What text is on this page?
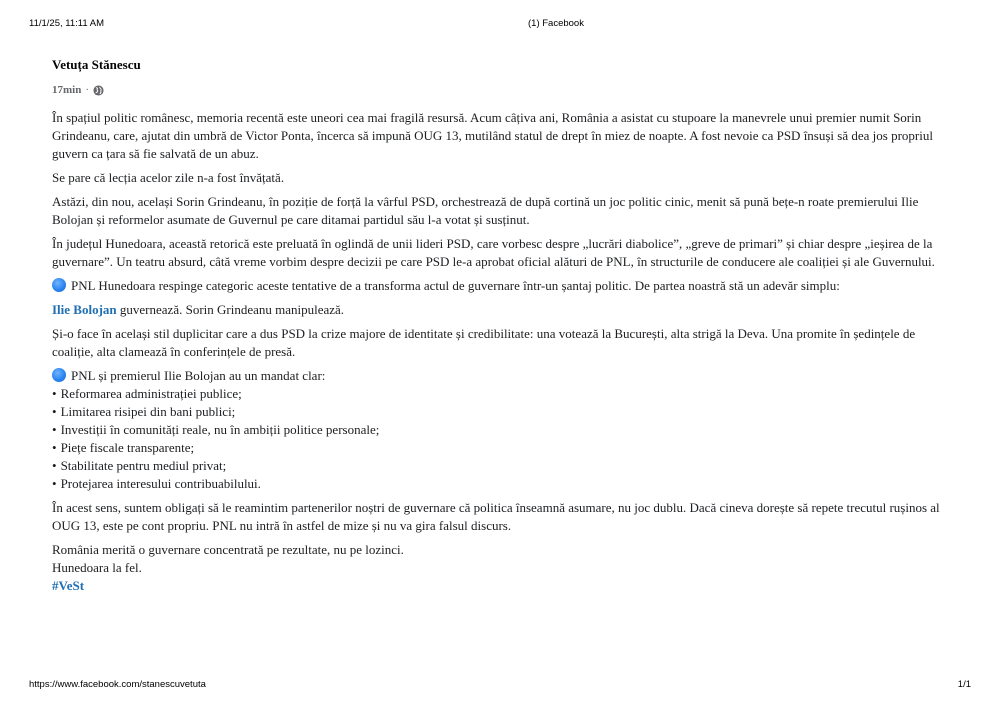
11/1/25, 11:11 AM	(1) Facebook
Vetuța Stănescu
17min ·

În spațiul politic românesc, memoria recentă este uneori cea mai fragilă resursă. Acum câțiva ani, România a asistat cu stupoare la manevrele unui premier numit Sorin Grindeanu, care, ajutat din umbră de Victor Ponta, încerca să impună OUG 13, mutilând statul de drept în miez de noapte. A fost nevoie ca PSD însuși să dea jos propriul guvern ca țara să fie salvată de un abuz.

Se pare că lecția acelor zile n-a fost învățată.

Astăzi, din nou, același Sorin Grindeanu, în poziție de forță la vârful PSD, orchestrează de după cortină un joc politic cinic, menit să pună bețe-n roate premierului Ilie Bolojan și reformelor asumate de Guvernul pe care ditamai partidul său l-a votat și susținut.

În județul Hunedoara, această retorică este preluată în oglindă de unii lideri PSD, care vorbesc despre „lucrări diabolice”, „greve de primari” și chiar despre „ieșirea de la guvernare”. Un teatru absurd, câtă vreme vorbim despre decizii pe care PSD le-a aprobat oficial alături de PNL, în structurile de conducere ale coaliției și ale Guvernului.

PNL Hunedoara respinge categoric aceste tentative de a transforma actul de guvernare într-un șantaj politic. De partea noastră stă un adevăr simplu:

Ilie Bolojan guvernează. Sorin Grindeanu manipulează.

Și-o face în același stil duplicitar care a dus PSD la crize majore de identitate și credibilitate: una votează la București, alta strigă la Deva. Una promite în ședințele de coaliție, alta clamează în conferințele de presă.

PNL și premierul Ilie Bolojan au un mandat clar:

• Reformarea administrației publice;
• Limitarea risipei din bani publici;
• Investiții în comunități reale, nu în ambiții politice personale;
• Piețe fiscale transparente;
• Stabilitate pentru mediul privat;
• Protejarea interesului contribuabilului.

În acest sens, suntem obligați să le reamintim partenerilor noștri de guvernare că politica înseamnă asumare, nu joc dublu. Dacă cineva dorește să repete trecutul rușinos al OUG 13, este pe cont propriu. PNL nu intră în astfel de mize și nu va gira falsul discurs.

România merită o guvernare concentrată pe rezultate, nu pe lozinci.
Hunedoara la fel.
#VeSt
https://www.facebook.com/stanescuvetuta	1/1
